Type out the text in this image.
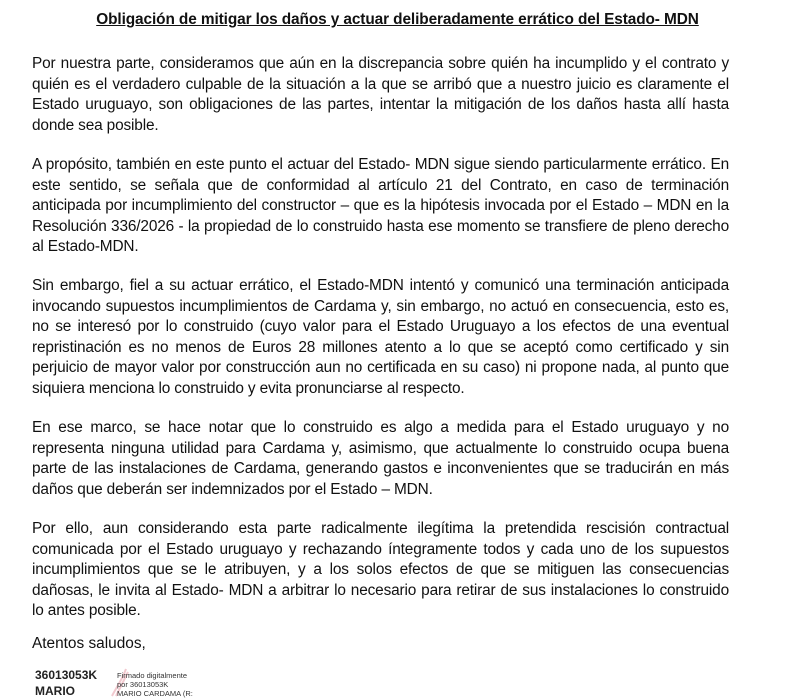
Obligación de mitigar los daños y actuar deliberadamente errático del Estado- MDN

Por nuestra parte, consideramos que aún en la discrepancia sobre quién ha incumplido y el contrato y quién es el verdadero culpable de la situación a la que se arribó que a nuestro juicio es claramente el Estado uruguayo, son obligaciones de las partes, intentar la mitigación de los daños hasta allí hasta donde sea posible.

A propósito, también en este punto el actuar del Estado- MDN sigue siendo particularmente errático. En este sentido, se señala que de conformidad al artículo 21 del Contrato, en caso de terminación anticipada por incumplimiento del constructor – que es la hipótesis invocada por el Estado – MDN en la Resolución 336/2026 - la propiedad de lo construido hasta ese momento se transfiere de pleno derecho al Estado-MDN.

Sin embargo, fiel a su actuar errático, el Estado-MDN intentó y comunicó una terminación anticipada invocando supuestos incumplimientos de Cardama y, sin embargo, no actuó en consecuencia, esto es, no se interesó por lo construido (cuyo valor para el Estado Uruguayo a los efectos de una eventual repristinación es no menos de Euros 28 millones atento a lo que se aceptó como certificado y sin perjuicio de mayor valor por construcción aun no certificada en su caso) ni propone nada, al punto que siquiera menciona lo construido y evita pronunciarse al respecto.

En ese marco, se hace notar que lo construido es algo a medida para el Estado uruguayo y no representa ninguna utilidad para Cardama y, asimismo, que actualmente lo construido ocupa buena parte de las instalaciones de Cardama, generando gastos e inconvenientes que se traducirán en más daños que deberán ser indemnizados por el Estado – MDN.

Por ello, aun considerando esta parte radicalmente ilegítima la pretendida rescisión contractual comunicada por el Estado uruguayo y rechazando íntegramente todos y cada uno de los supuestos incumplimientos que se le atribuyen, y a los solos efectos de que se mitiguen las consecuencias dañosas, le invita al Estado- MDN a arbitrar lo necesario para retirar de sus instalaciones lo construido lo antes posible.

Atentos saludos,

36013053K
MARIO
Firmado digitalmente
por 36013053K
MARIO CARDAMA (R:
